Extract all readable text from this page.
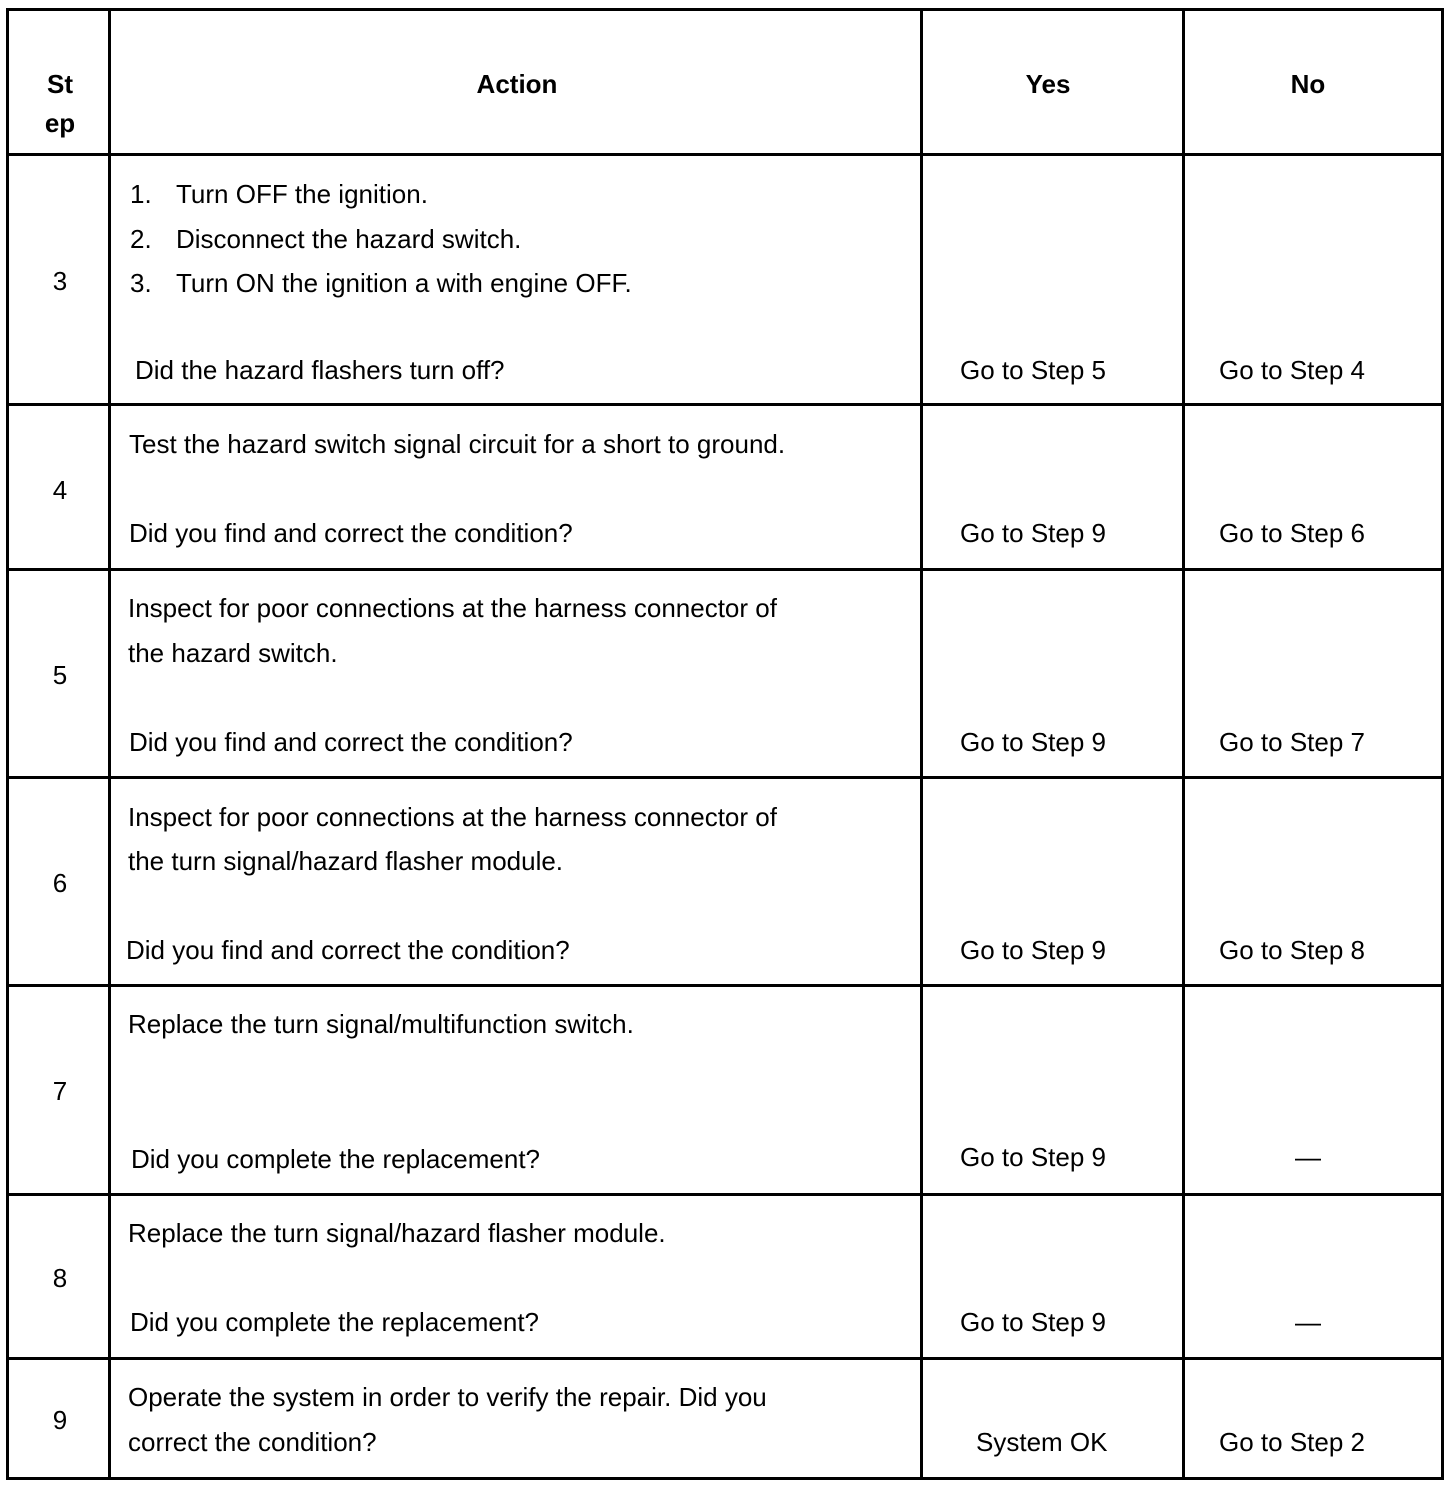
St
ep
Action	Yes	No
3
1. Turn OFF the ignition.
2. Disconnect the hazard switch.
3. Turn ON the ignition a with engine OFF.
Did the hazard flashers turn off?	Go to Step 5	Go to Step 4
4
Test the hazard switch signal circuit for a short to ground.
Did you find and correct the condition?	Go to Step 9	Go to Step 6
5
Inspect for poor connections at the harness connector of
the hazard switch.
Did you find and correct the condition?	Go to Step 9	Go to Step 7
6
Inspect for poor connections at the harness connector of
the turn signal/hazard flasher module.
Did you find and correct the condition?	Go to Step 9	Go to Step 8
7
Replace the turn signal/multifunction switch.
Did you complete the replacement?	Go to Step 9	—
8
Replace the turn signal/hazard flasher module.
Did you complete the replacement?	Go to Step 9	—
9
Operate the system in order to verify the repair. Did you
correct the condition?	System OK	Go to Step 2
